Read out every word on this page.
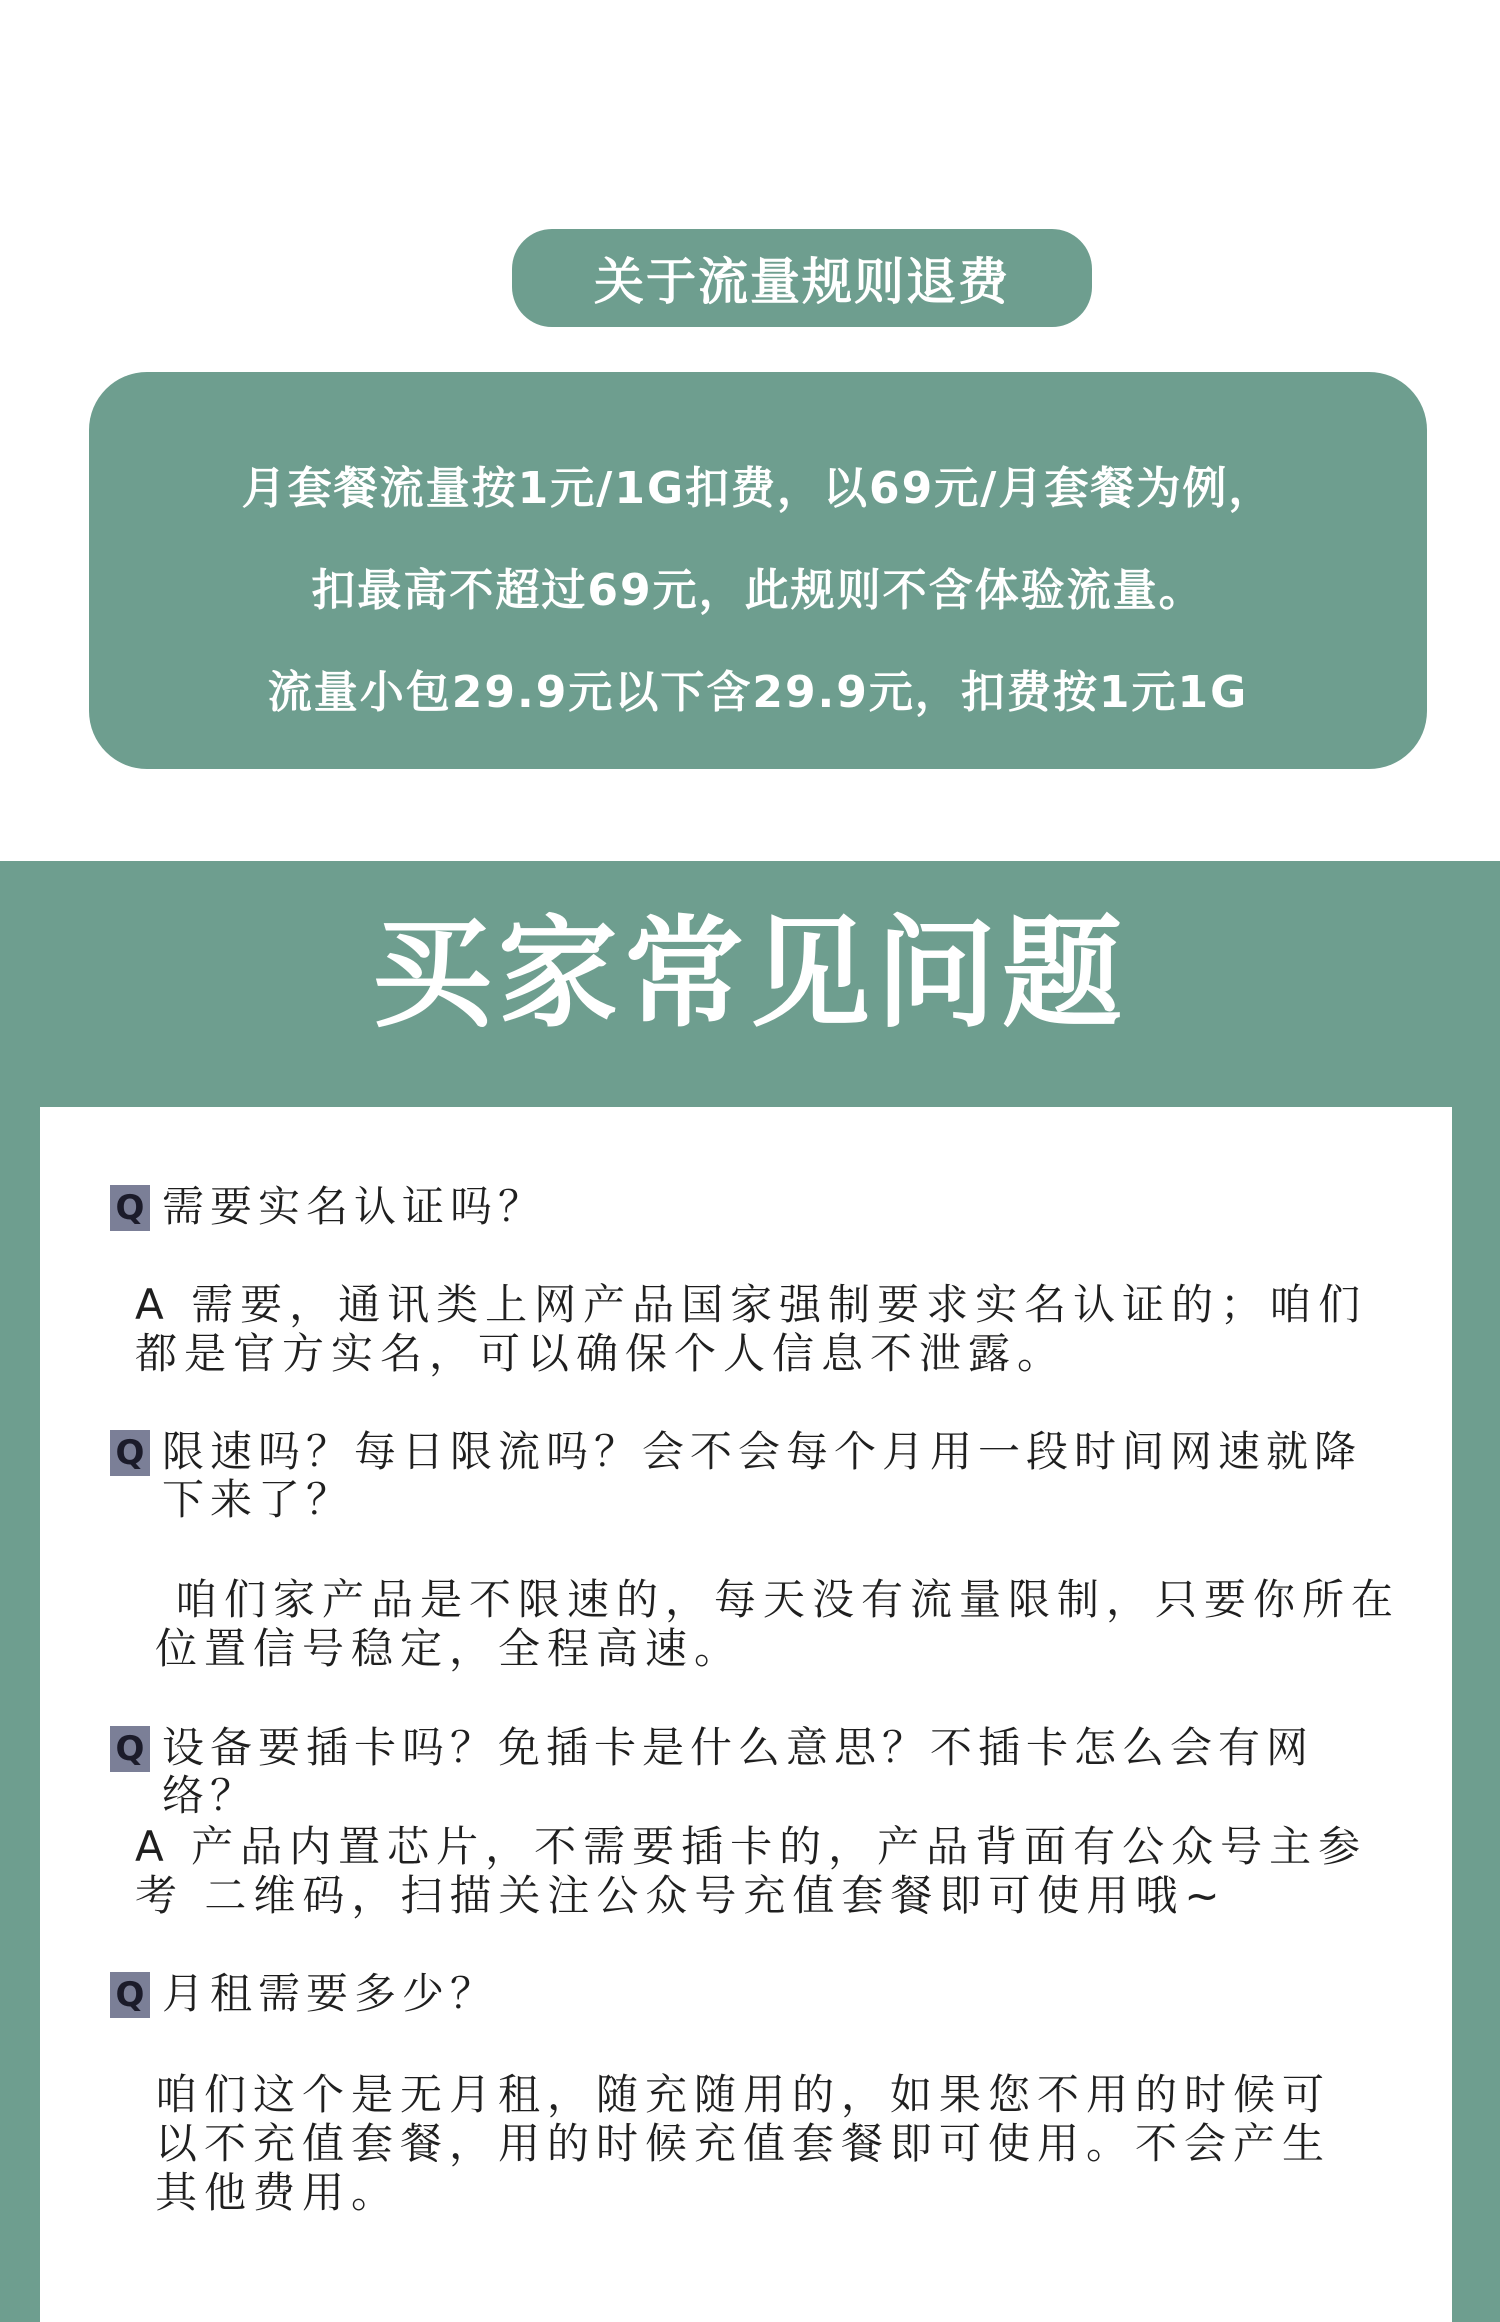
关于流量规则退费
月套餐流量按1元/1G扣费，以69元/月套餐为例，
扣最高不超过69元，此规则不含体验流量。
流量小包29.9元以下含29.9元，扣费按1元1G
买家常见问题
Q 需要实名认证吗？
A 需要，通讯类上网产品国家强制要求实名认证的；咱们都是官方实名，可以确保个人信息不泄露。
Q 限速吗？每日限流吗？会不会每个月用一段时间网速就降下来了？
咱们家产品是不限速的，每天没有流量限制，只要你所在位置信号稳定，全程高速。
Q 设备要插卡吗？免插卡是什么意思？不插卡怎么会有网络？
A 产品内置芯片，不需要插卡的，产品背面有公众号主参考 二维码，扫描关注公众号充值套餐即可使用哦~
Q 月租需要多少？
咱们这个是无月租，随充随用的，如果您不用的时候可以不充值套餐，用的时候充值套餐即可使用。不会产生其他费用。
